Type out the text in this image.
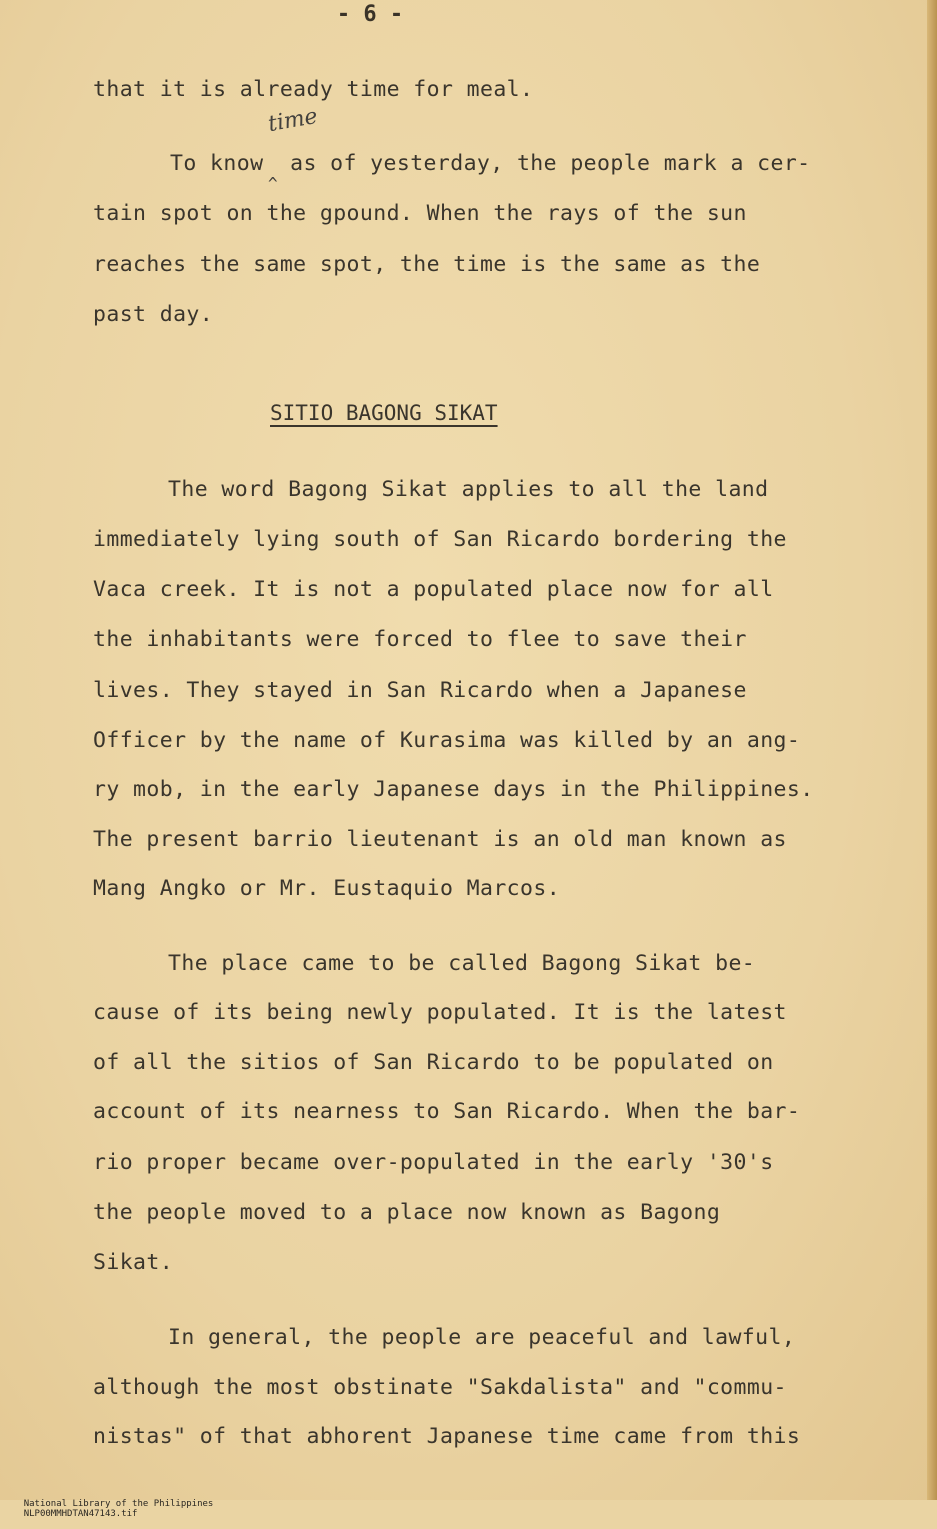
- 6 -
time
^
that it is already time for meal.
To know  as of yesterday, the people mark a cer-
tain spot on the gpound. When the rays of the sun
reaches the same spot, the time is the same as the
past day.
SITIO BAGONG SIKAT
The word Bagong Sikat applies to all the land
immediately lying south of San Ricardo bordering the
Vaca creek. It is not a populated place now for all
the inhabitants were forced to flee to save their
lives. They stayed in San Ricardo when a Japanese
Officer by the name of Kurasima was killed by an ang-
ry mob, in the early Japanese days in the Philippines.
The present barrio lieutenant is an old man known as
Mang Angko or Mr. Eustaquio Marcos.
The place came to be called Bagong Sikat be-
cause of its being newly populated. It is the latest
of all the sitios of San Ricardo to be populated on
account of its nearness to San Ricardo. When the bar-
rio proper became over-populated in the early '30's
the people moved to a place now known as Bagong
Sikat.
In general, the people are peaceful and lawful,
although the most obstinate "Sakdalista" and "commu-
nistas" of that abhorent Japanese time came from this

National Library of the Philippines
NLP00MMHDTAN47143.tif
